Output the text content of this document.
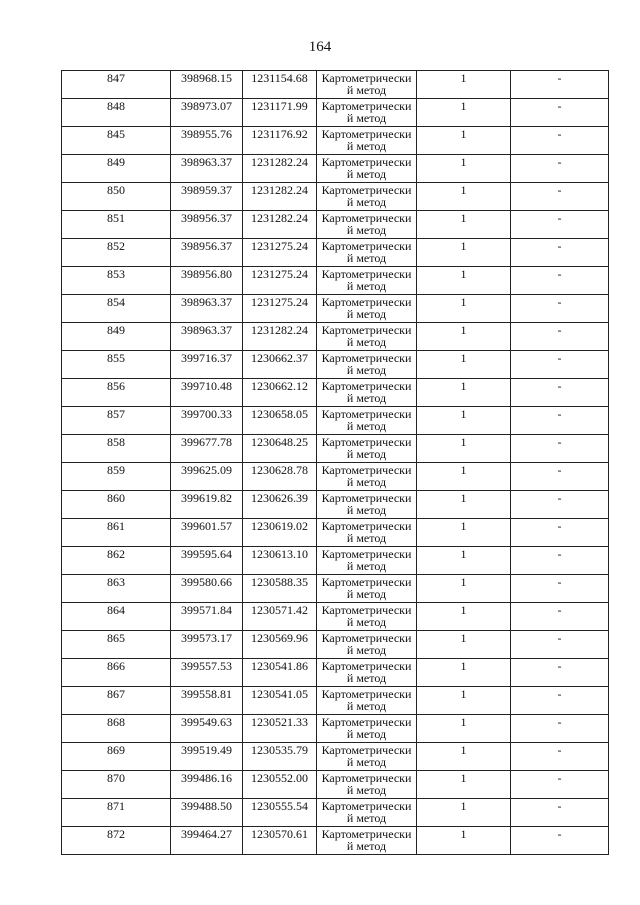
164
847	398968.15	1231154.68	Картометрически
й метод	1	-
848	398973.07	1231171.99	Картометрически
й метод	1	-
845	398955.76	1231176.92	Картометрически
й метод	1	-
849	398963.37	1231282.24	Картометрически
й метод	1	-
850	398959.37	1231282.24	Картометрически
й метод	1	-
851	398956.37	1231282.24	Картометрически
й метод	1	-
852	398956.37	1231275.24	Картометрически
й метод	1	-
853	398956.80	1231275.24	Картометрически
й метод	1	-
854	398963.37	1231275.24	Картометрически
й метод	1	-
849	398963.37	1231282.24	Картометрически
й метод	1	-
855	399716.37	1230662.37	Картометрически
й метод	1	-
856	399710.48	1230662.12	Картометрически
й метод	1	-
857	399700.33	1230658.05	Картометрически
й метод	1	-
858	399677.78	1230648.25	Картометрически
й метод	1	-
859	399625.09	1230628.78	Картометрически
й метод	1	-
860	399619.82	1230626.39	Картометрически
й метод	1	-
861	399601.57	1230619.02	Картометрически
й метод	1	-
862	399595.64	1230613.10	Картометрически
й метод	1	-
863	399580.66	1230588.35	Картометрически
й метод	1	-
864	399571.84	1230571.42	Картометрически
й метод	1	-
865	399573.17	1230569.96	Картометрически
й метод	1	-
866	399557.53	1230541.86	Картометрически
й метод	1	-
867	399558.81	1230541.05	Картометрически
й метод	1	-
868	399549.63	1230521.33	Картометрически
й метод	1	-
869	399519.49	1230535.79	Картометрически
й метод	1	-
870	399486.16	1230552.00	Картометрически
й метод	1	-
871	399488.50	1230555.54	Картометрически
й метод	1	-
872	399464.27	1230570.61	Картометрически
й метод	1	-
